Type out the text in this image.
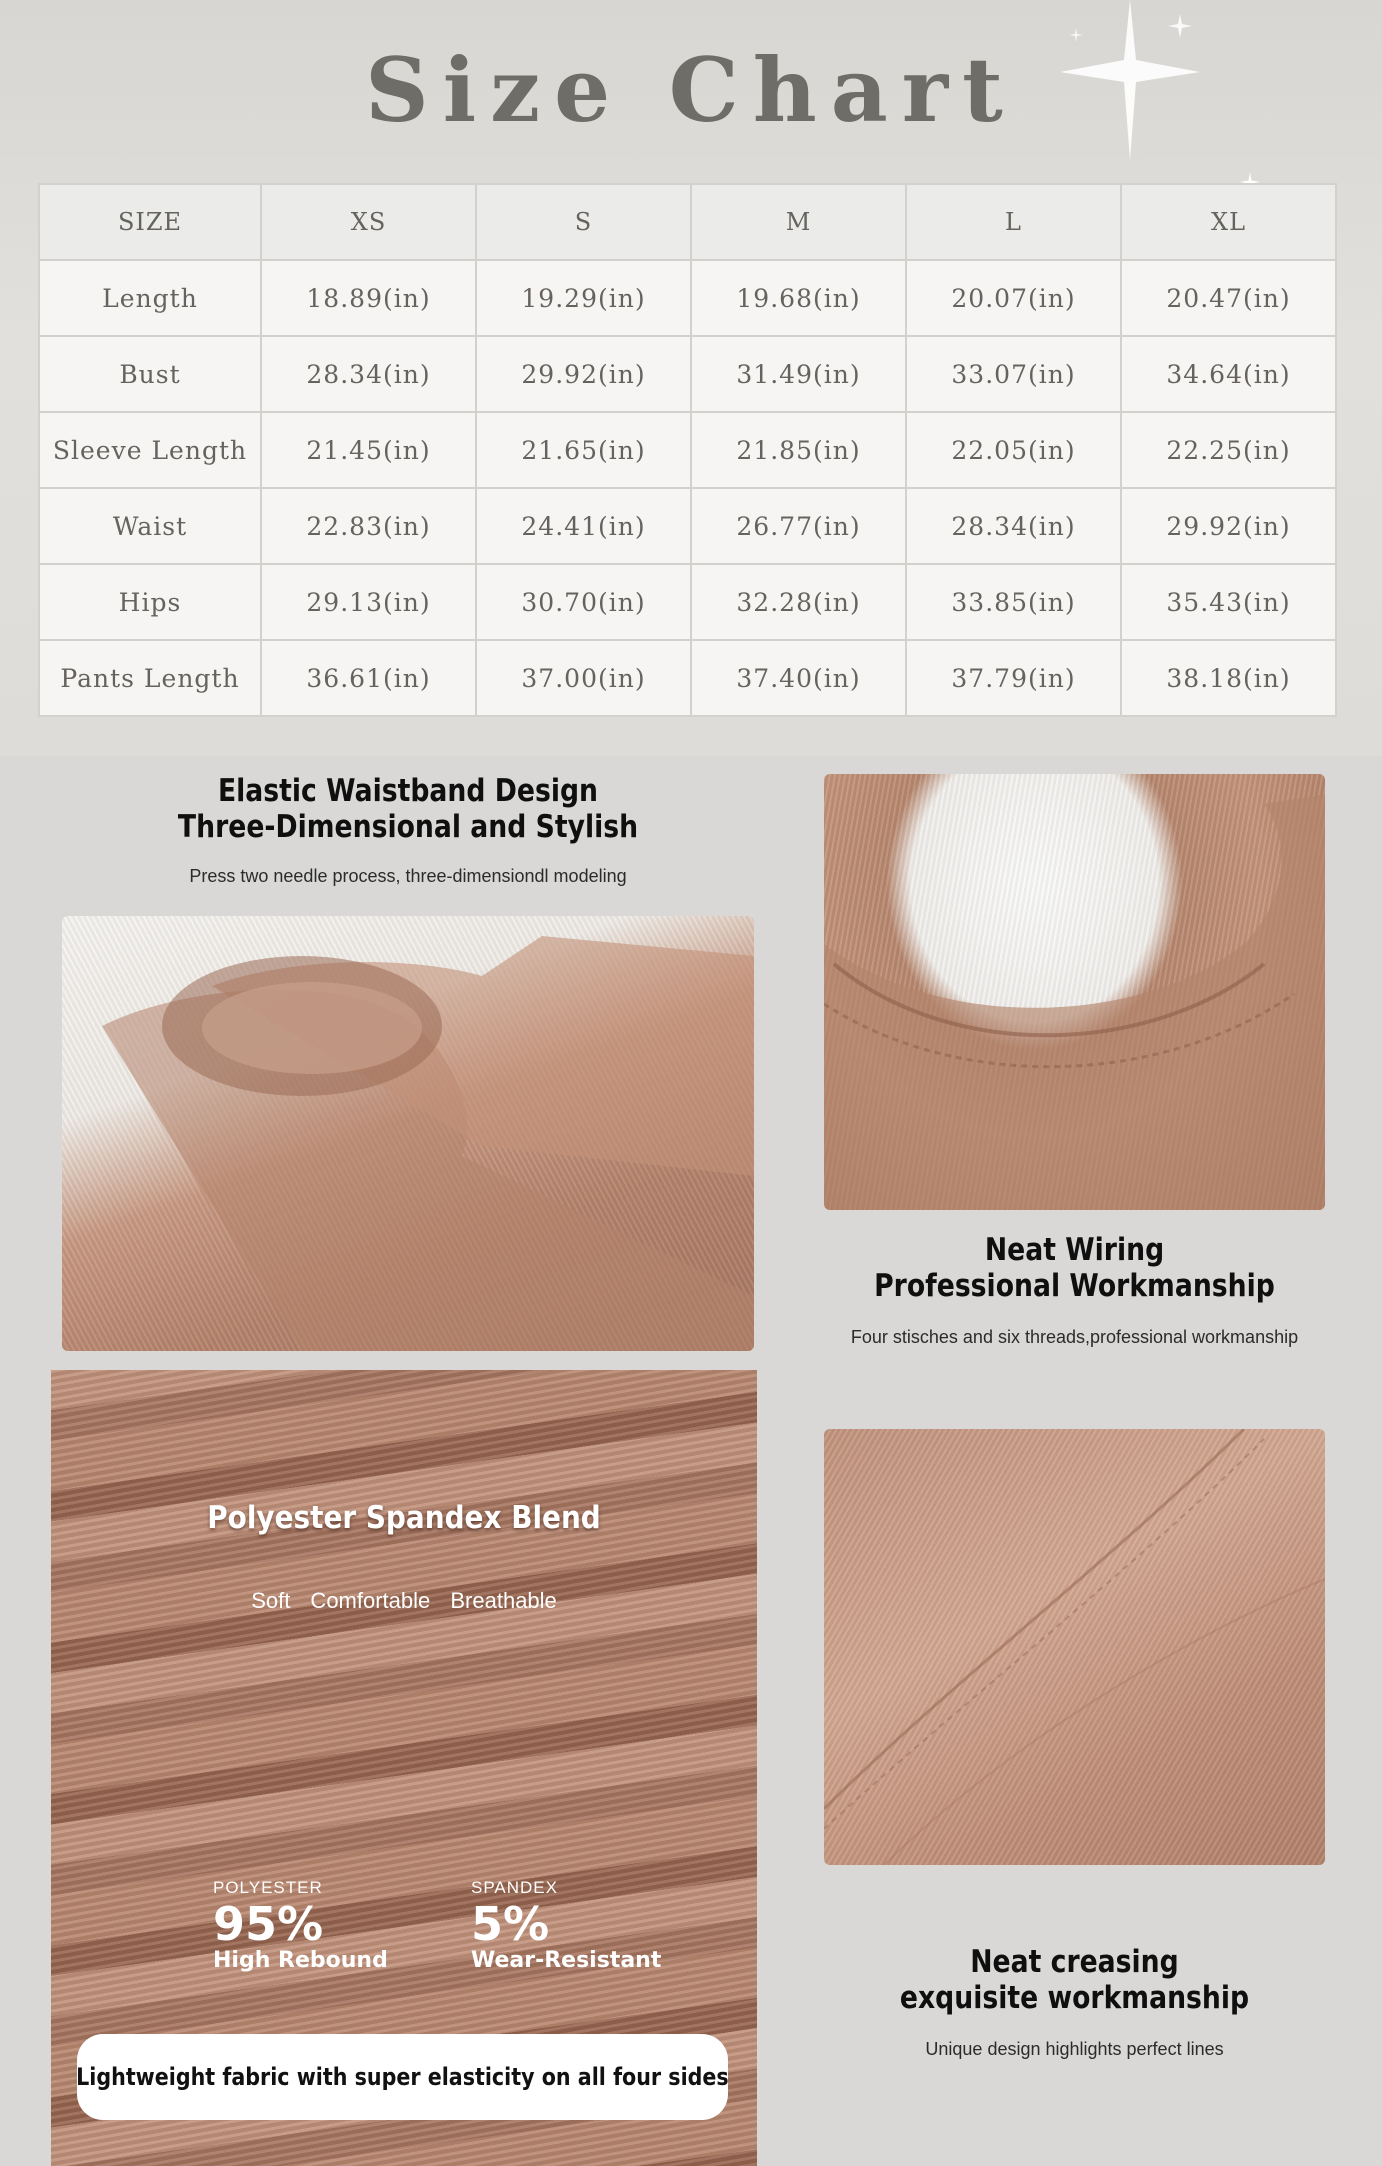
Size Chart
SIZE	XS	S	M	L	XL
Length	18.89(in)	19.29(in)	19.68(in)	20.07(in)	20.47(in)
Bust	28.34(in)	29.92(in)	31.49(in)	33.07(in)	34.64(in)
Sleeve Length	21.45(in)	21.65(in)	21.85(in)	22.05(in)	22.25(in)
Waist	22.83(in)	24.41(in)	26.77(in)	28.34(in)	29.92(in)
Hips	29.13(in)	30.70(in)	32.28(in)	33.85(in)	35.43(in)
Pants Length	36.61(in)	37.00(in)	37.40(in)	37.79(in)	38.18(in)
Elastic Waistband Design
Three-Dimensional and Stylish
Press two needle process, three-dimensiondl modeling
Neat Wiring
Professional Workmanship
Four stisches and six threads,professional workmanship
Polyester Spandex Blend
Soft Comfortable Breathable
POLYESTER
95%
High Rebound
SPANDEX
5%
Wear-Resistant
Lightweight fabric with super elasticity on all four sides
Neat creasing
exquisite workmanship
Unique design highlights perfect lines
